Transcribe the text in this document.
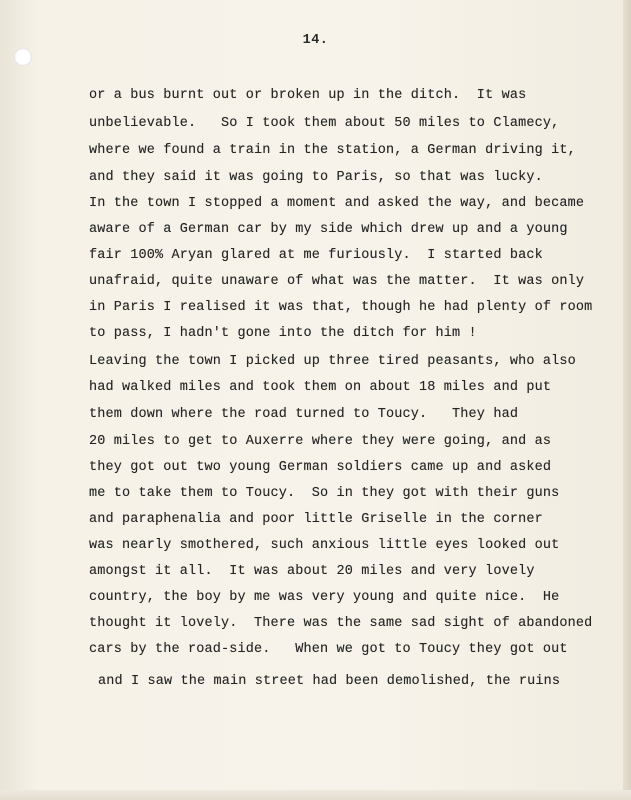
14.
or a bus burnt out or broken up in the ditch.  It was
unbelievable.   So I took them about 50 miles to Clamecy,
where we found a train in the station, a German driving it,
and they said it was going to Paris, so that was lucky.
In the town I stopped a moment and asked the way, and became
aware of a German car by my side which drew up and a young
fair 100% Aryan glared at me furiously.  I started back
unafraid, quite unaware of what was the matter.  It was only
in Paris I realised it was that, though he had plenty of room
to pass, I hadn't gone into the ditch for him !
Leaving the town I picked up three tired peasants, who also
had walked miles and took them on about 18 miles and put
them down where the road turned to Toucy.   They had
20 miles to get to Auxerre where they were going, and as
they got out two young German soldiers came up and asked
me to take them to Toucy.  So in they got with their guns
and paraphenalia and poor little Griselle in the corner
was nearly smothered, such anxious little eyes looked out
amongst it all.  It was about 20 miles and very lovely
country, the boy by me was very young and quite nice.  He
thought it lovely.  There was the same sad sight of abandoned
cars by the road-side.   When we got to Toucy they got out
and I saw the main street had been demolished, the ruins
